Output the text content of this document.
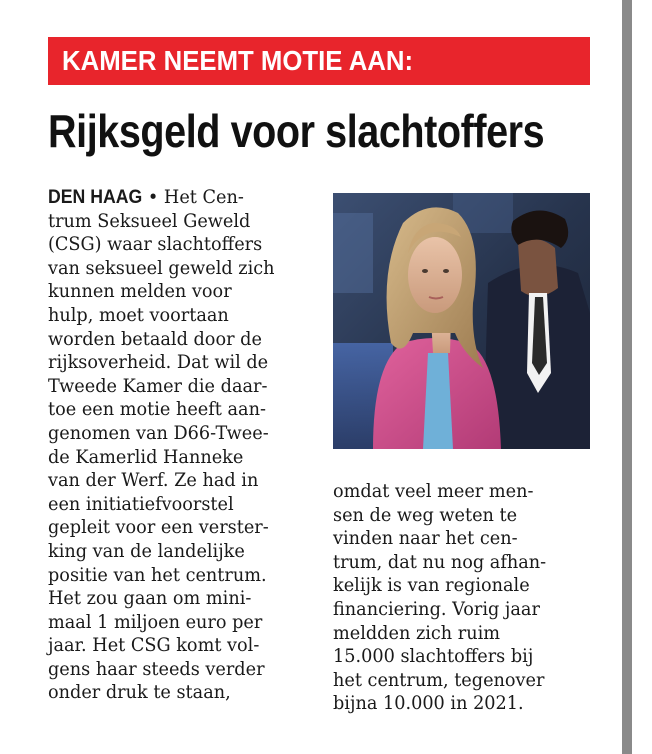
KAMER NEEMT MOTIE AAN:
Rijksgeld voor slachtoffers
DEN HAAG • Het Cen-
trum Seksueel Geweld
(CSG) waar slachtoffers
van seksueel geweld zich
kunnen melden voor
hulp, moet voortaan
worden betaald door de
rijksoverheid. Dat wil de
Tweede Kamer die daar-
toe een motie heeft aan-
genomen van D66-Twee-
de Kamerlid Hanneke
van der Werf. Ze had in
een initiatiefvoorstel
gepleit voor een verster-
king van de landelijke
positie van het centrum.
Het zou gaan om mini-
maal 1 miljoen euro per
jaar. Het CSG komt vol-
gens haar steeds verder
onder druk te staan,
omdat veel meer men-
sen de weg weten te
vinden naar het cen-
trum, dat nu nog afhan-
kelijk is van regionale
financiering. Vorig jaar
meldden zich ruim
15.000 slachtoffers bij
het centrum, tegenover
bijna 10.000 in 2021.
